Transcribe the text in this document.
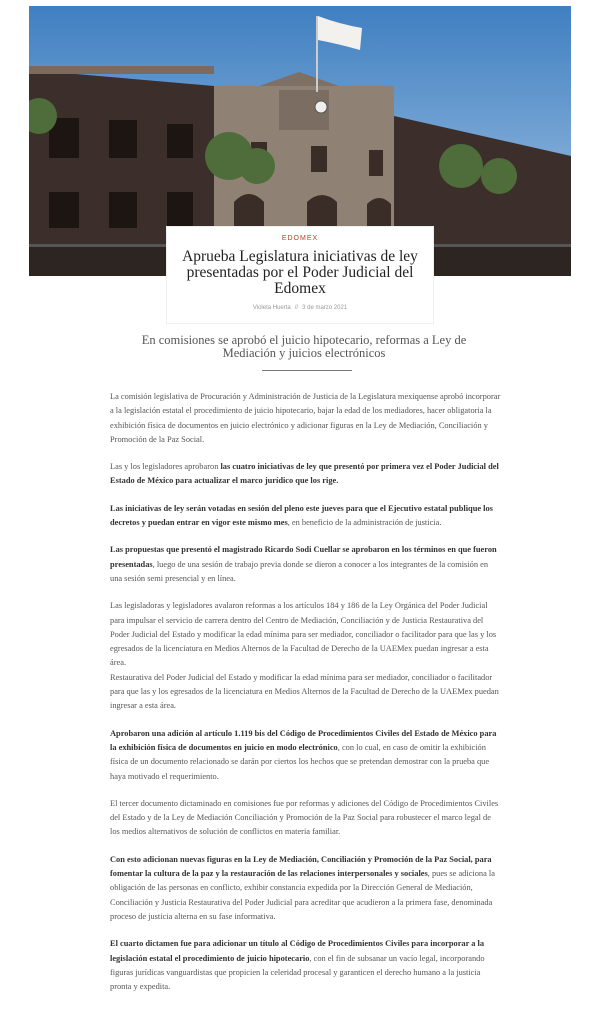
EDOMEX
Aprueba Legislatura iniciativas de ley presentadas por el Poder Judicial del Edomex
Violeta Huerta // 3 de marzo 2021
En comisiones se aprobó el juicio hipotecario, reformas a Ley de Mediación y juicios electrónicos

La comisión legislativa de Procuración y Administración de Justicia de la Legislatura mexiquense aprobó incorporar a la legislación estatal el procedimiento de juicio hipotecario, bajar la edad de los mediadores, hacer obligatoria la exhibición física de documentos en juicio electrónico y adicionar figuras en la Ley de Mediación, Conciliación y Promoción de la Paz Social.

Las y los legisladores aprobaron las cuatro iniciativas de ley que presentó por primera vez el Poder Judicial del Estado de México para actualizar el marco jurídico que los rige.

Las iniciativas de ley serán votadas en sesión del pleno este jueves para que el Ejecutivo estatal publique los decretos y puedan entrar en vigor este mismo mes, en beneficio de la administración de justicia.

Las propuestas que presentó el magistrado Ricardo Sodi Cuellar se aprobaron en los términos en que fueron presentadas, luego de una sesión de trabajo previa donde se dieron a conocer a los integrantes de la comisión en una sesión semi presencial y en línea.

Las legisladoras y legisladores avalaron reformas a los artículos 184 y 186 de la Ley Orgánica del Poder Judicial para impulsar el servicio de carrera dentro del Centro de Mediación, Conciliación y de Justicia Restaurativa del Poder Judicial del Estado y modificar la edad mínima para ser mediador, conciliador o facilitador para que las y los egresados de la licenciatura en Medios Alternos de la Facultad de Derecho de la UAEMex puedan ingresar a esta área.

Restaurativa del Poder Judicial del Estado y modificar la edad mínima para ser mediador, conciliador o facilitador para que las y los egresados de la licenciatura en Medios Alternos de la Facultad de Derecho de la UAEMex puedan ingresar a esta área.

Aprobaron una adición al artículo 1.119 bis del Código de Procedimientos Civiles del Estado de México para la exhibición física de documentos en juicio en modo electrónico, con lo cual, en caso de omitir la exhibición física de un documento relacionado se darán por ciertos los hechos que se pretendan demostrar con la prueba que haya motivado el requerimiento.

El tercer documento dictaminado en comisiones fue por reformas y adiciones del Código de Procedimientos Civiles del Estado y de la Ley de Mediación Conciliación y Promoción de la Paz Social para robustecer el marco legal de los medios alternativos de solución de conflictos en materia familiar.

Con esto adicionan nuevas figuras en la Ley de Mediación, Conciliación y Promoción de la Paz Social, para fomentar la cultura de la paz y la restauración de las relaciones interpersonales y sociales, pues se adiciona la obligación de las personas en conflicto, exhibir constancia expedida por la Dirección General de Mediación, Conciliación y Justicia Restaurativa del Poder Judicial para acreditar que acudieron a la primera fase, denominada proceso de justicia alterna en su fase informativa.

El cuarto dictamen fue para adicionar un título al Código de Procedimientos Civiles para incorporar a la legislación estatal el procedimiento de juicio hipotecario, con el fin de subsanar un vacío legal, incorporando figuras jurídicas vanguardistas que propicien la celeridad procesal y garanticen el derecho humano a la justicia pronta y expedita.
